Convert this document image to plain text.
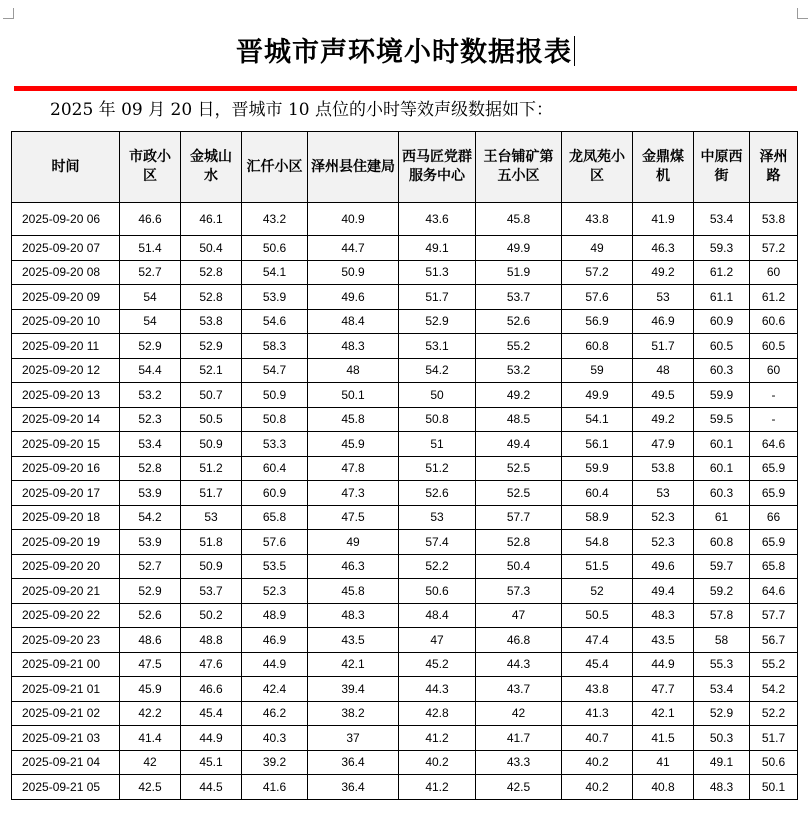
晋城市声环境小时数据报表
2025 年 09 月 20 日，晋城市 10 点位的小时等效声级数据如下：
时间	市政小区	金城山水	汇仟小区	泽州县住建局	西马匠党群服务中心	王台铺矿第五小区	龙凤苑小区	金鼎煤机	中原西街	泽州路

2025-09-20 06	46.6	46.1	43.2	40.9	43.6	45.8	43.8	41.9	53.4	53.8
2025-09-20 07	51.4	50.4	50.6	44.7	49.1	49.9	49	46.3	59.3	57.2
2025-09-20 08	52.7	52.8	54.1	50.9	51.3	51.9	57.2	49.2	61.2	60
2025-09-20 09	54	52.8	53.9	49.6	51.7	53.7	57.6	53	61.1	61.2
2025-09-20 10	54	53.8	54.6	48.4	52.9	52.6	56.9	46.9	60.9	60.6
2025-09-20 11	52.9	52.9	58.3	48.3	53.1	55.2	60.8	51.7	60.5	60.5
2025-09-20 12	54.4	52.1	54.7	48	54.2	53.2	59	48	60.3	60
2025-09-20 13	53.2	50.7	50.9	50.1	50	49.2	49.9	49.5	59.9	-
2025-09-20 14	52.3	50.5	50.8	45.8	50.8	48.5	54.1	49.2	59.5	-
2025-09-20 15	53.4	50.9	53.3	45.9	51	49.4	56.1	47.9	60.1	64.6
2025-09-20 16	52.8	51.2	60.4	47.8	51.2	52.5	59.9	53.8	60.1	65.9
2025-09-20 17	53.9	51.7	60.9	47.3	52.6	52.5	60.4	53	60.3	65.9
2025-09-20 18	54.2	53	65.8	47.5	53	57.7	58.9	52.3	61	66
2025-09-20 19	53.9	51.8	57.6	49	57.4	52.8	54.8	52.3	60.8	65.9
2025-09-20 20	52.7	50.9	53.5	46.3	52.2	50.4	51.5	49.6	59.7	65.8
2025-09-20 21	52.9	53.7	52.3	45.8	50.6	57.3	52	49.4	59.2	64.6
2025-09-20 22	52.6	50.2	48.9	48.3	48.4	47	50.5	48.3	57.8	57.7
2025-09-20 23	48.6	48.8	46.9	43.5	47	46.8	47.4	43.5	58	56.7
2025-09-21 00	47.5	47.6	44.9	42.1	45.2	44.3	45.4	44.9	55.3	55.2
2025-09-21 01	45.9	46.6	42.4	39.4	44.3	43.7	43.8	47.7	53.4	54.2
2025-09-21 02	42.2	45.4	46.2	38.2	42.8	42	41.3	42.1	52.9	52.2
2025-09-21 03	41.4	44.9	40.3	37	41.2	41.7	40.7	41.5	50.3	51.7
2025-09-21 04	42	45.1	39.2	36.4	40.2	43.3	40.2	41	49.1	50.6
2025-09-21 05	42.5	44.5	41.6	36.4	41.2	42.5	40.2	40.8	48.3	50.1
